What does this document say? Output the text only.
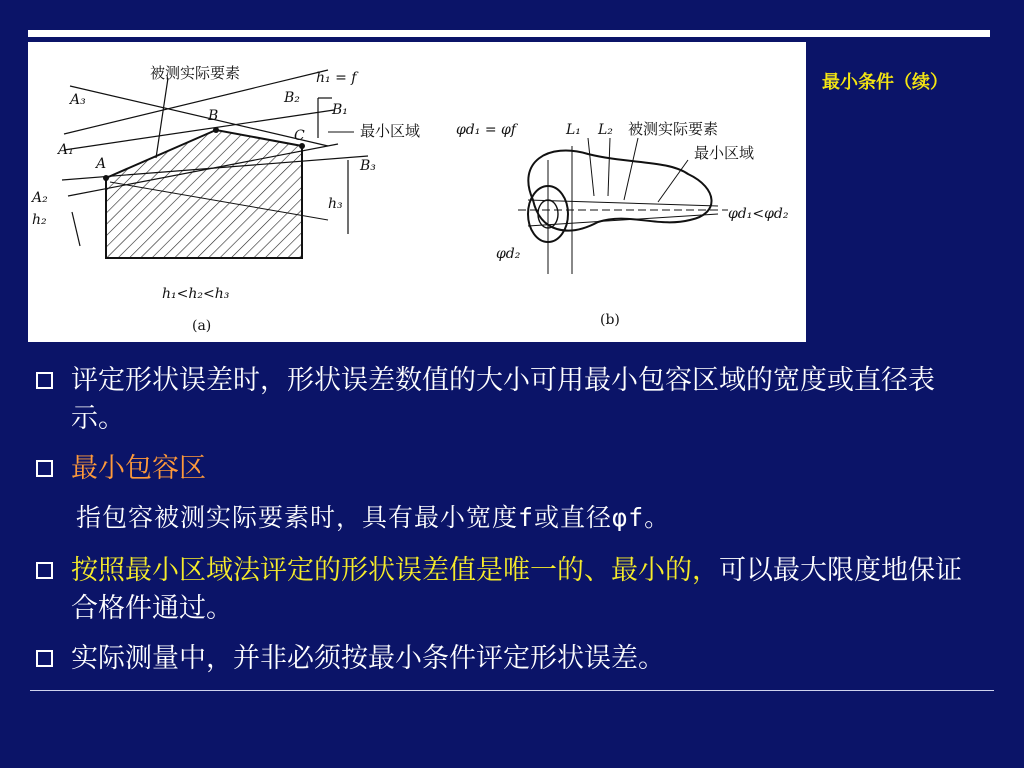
最小条件（续）
被测实际要素	h₁ = f
最小区域
A₃
A₁
A
A₂
h₂
B
B₂
B₁
C
B₃
h₃
h₁<h₂<h₃
(a)
φd₁ = φf	L₁ L₂ 被测实际要素
最小区域
φd₁<φd₂
φd₂
(b)
评定形状误差时，形状误差数值的大小可用最小包容区域的宽度或直径表示。
最小包容区
指包容被测实际要素时，具有最小宽度f或直径φf。
按照最小区域法评定的形状误差值是唯一的、最小的，可以最大限度地保证合格件通过。
实际测量中，并非必须按最小条件评定形状误差。
